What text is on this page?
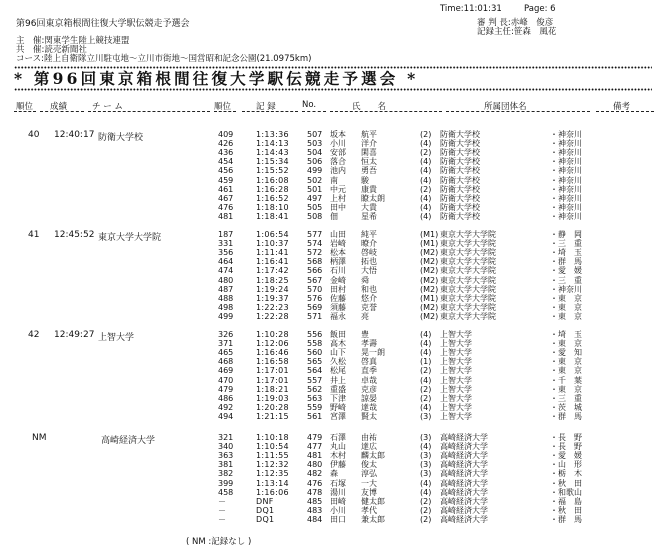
Time:11:01:31	Page: 6
第96回東京箱根間往復大学駅伝競走予選会	審 判 長:赤峰　俊彦
記録主任:笹森　風花
主　催:関東学生陸上競技連盟
共　催:読売新聞社
コース:陸上自衛隊立川駐屯地～立川市街地～国営昭和記念公園(21.0975km)
* 第96回東京箱根間往復大学駅伝競走予選会 *
順位 成績	チ ー ム	順位	記 録	No.	氏　　名	所属団体名	備考
40 12:40:17 防衛大学校	409	1:13:36 507 坂本 航平	(2) 防衛大学校	・ 神奈川
426	1:14:13 503 小川 洋介	(4) 防衛大学校	・ 神奈川
436	1:14:43 504 安部 閑喜	(2) 防衛大学校	・ 神奈川
454	1:15:34 506 落合 恒太	(4) 防衛大学校	・ 神奈川
456	1:15:52 499 池内 勇吾	(4) 防衛大学校	・ 神奈川
459	1:16:08 502 南	駿	(4) 防衛大学校	・ 神奈川
461	1:16:28 501 中元 康貴	(2) 防衛大学校	・ 神奈川
467	1:16:52 497 上村 瞭太朗	(4) 防衛大学校	・ 神奈川
476	1:18:10 505 田中 大貴	(4) 防衛大学校	・ 神奈川
481	1:18:41 508 佃	星希	(4) 防衛大学校	・ 神奈川
41 12:45:52 東京大学大学院	187	1:06:54 577 山田 純平	(M1) 東京大学大学院	・ 静　岡
331	1:10:37 574 岩崎 暸介	(M1) 東京大学大学院	・ 三　重
356	1:11:41 572 松本 啓岐	(M2) 東京大学大学院	・ 埼　玉
464	1:16:41 568 柄澤 拓也	(M2) 東京大学大学院	・ 群　馬
474	1:17:42 566 石川 大悟	(M2) 東京大学大学院	・ 愛　媛
480	1:18:25 567 金崎 舜	(M2) 東京大学大学院	・ 三　重
487	1:19:24 570 田村 和也	(M2) 東京大学大学院	・ 神奈川
488	1:19:37 576 佐藤 悠介	(M1) 東京大学大学院	・ 東　京
498	1:22:23 569 須藤 克誉	(M2) 東京大学大学院	・ 東　京
499	1:22:28 571 福永 亮	(M2) 東京大学大学院	・ 東　京
42 12:49:27 上智大学	326	1:10:28 556 飯田 豊	(4) 上智大学	・ 埼　玉
371	1:12:06 558 高木 孝壽	(4) 上智大学	・ 東　京
465	1:16:46 560 山下 晃一朗	(4) 上智大学	・ 愛　知
468	1:16:58 565 久松 啓真	(1) 上智大学	・ 東　京
469	1:17:01 564 松尾 直季	(2) 上智大学	・ 東　京
470	1:17:01 557 井上 卓哉	(4) 上智大学	・ 千　葉
479	1:18:21 562 重盛 克彦	(2) 上智大学	・ 東　京
486	1:19:03 563 下津 諒晏	(2) 上智大学	・ 三　重
492	1:20:28 559 野崎 達哉	(4) 上智大学	・ 茨　城
494	1:21:15 561 宮澤 賢太	(3) 上智大学	・ 群　馬
NM	高崎経済大学	321	1:10:18 479 石澤 由祐	(3) 高崎経済大学	・ 長　野
340	1:10:54 477 丸山 達広	(4) 高崎経済大学	・ 長　野
363	1:11:55 481 木村 麟太郎	(3) 高崎経済大学	・ 愛　媛
381	1:12:32 480 伊藤 俊太	(3) 高崎経済大学	・ 山　形
382	1:12:35 482 森	淳弘	(3) 高崎経済大学	・ 栃　木
399	1:13:14 476 石塚 一大	(4) 高崎経済大学	・ 秋　田
458	1:16:06 478 湯川 友博	(4) 高崎経済大学	・ 和歌山
－	DNF	485 田崎 健太郎	(2) 高崎経済大学	・ 福　島
－	DQ1	483 小川 孝代	(2) 高崎経済大学	・ 秋　田
－	DQ1	484 田口 兼太郎	(2) 高崎経済大学	・ 群　馬
( NM :記録なし )
